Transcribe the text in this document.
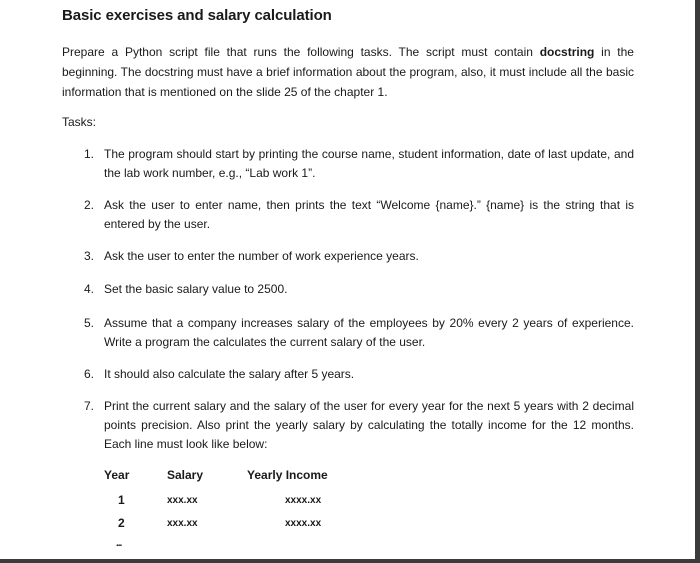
Basic exercises and salary calculation

Prepare a Python script file that runs the following tasks. The script must contain docstring in the beginning. The docstring must have a brief information about the program, also, it must include all the basic information that is mentioned on the slide 25 of the chapter 1.

Tasks:
1. The program should start by printing the course name, student information, date of last update, and the lab work number, e.g., “Lab work 1”.
2. Ask the user to enter name, then prints the text “Welcome {name}.” {name} is the string that is entered by the user.
3. Ask the user to enter the number of work experience years.
4. Set the basic salary value to 2500.
5. Assume that a company increases salary of the employees by 20% every 2 years of experience. Write a program the calculates the current salary of the user.
6. It should also calculate the salary after 5 years.
7. Print the current salary and the salary of the user for every year for the next 5 years with 2 decimal points precision. Also print the yearly salary by calculating the totally income for the 12 months. Each line must look like below:
Year	Salary	Yearly Income
1	xxx.xx	xxxx.xx
2	xxx.xx	xxxx.xx
...
